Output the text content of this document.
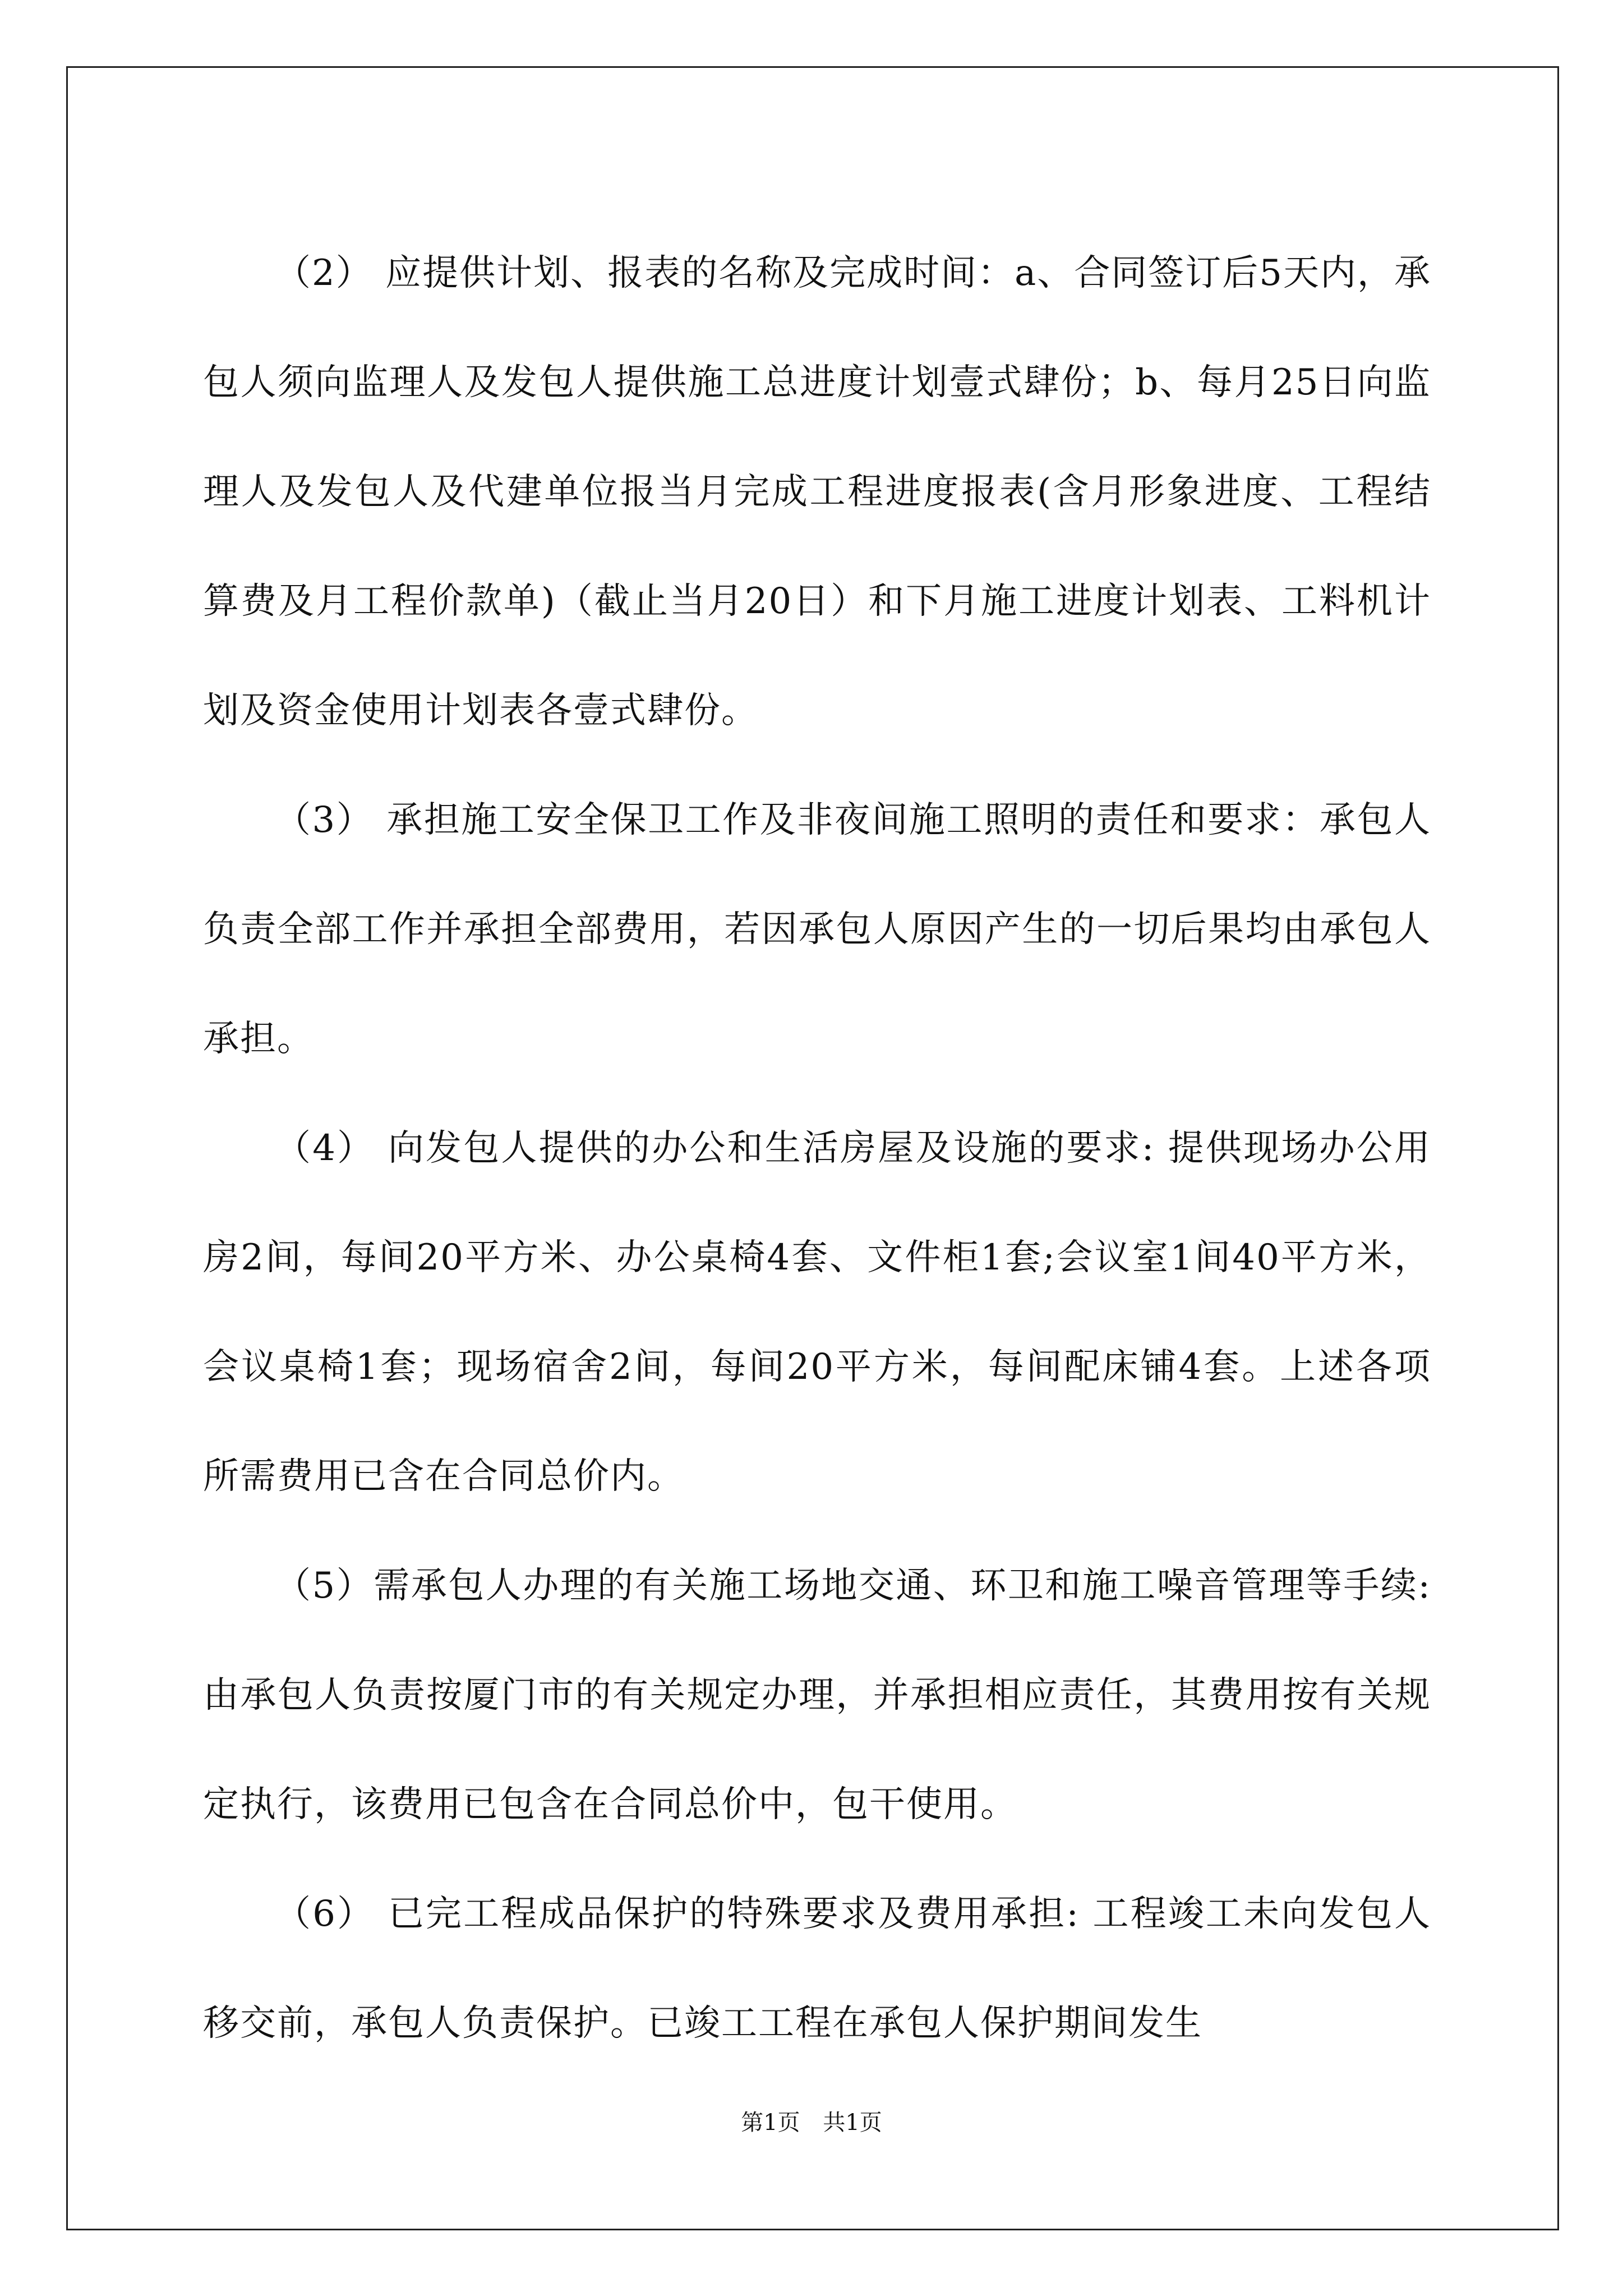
（2） 应提供计划、报表的名称及完成时间：a、合同签订后5天内，承包人须向监理人及发包人提供施工总进度计划壹式肆份；b、每月25日向监理人及发包人及代建单位报当月完成工程进度报表(含月形象进度、工程结算费及月工程价款单)（截止当月20日）和下月施工进度计划表、工料机计划及资金使用计划表各壹式肆份。

（3） 承担施工安全保卫工作及非夜间施工照明的责任和要求：承包人负责全部工作并承担全部费用，若因承包人原因产生的一切后果均由承包人承担。

（4） 向发包人提供的办公和生活房屋及设施的要求: 提供现场办公用房2间，每间20平方米、办公桌椅4套、文件柜1套;会议室1间40平方米，会议桌椅1套；现场宿舍2间，每间20平方米，每间配床铺4套。上述各项所需费用已含在合同总价内。

（5）需承包人办理的有关施工场地交通、环卫和施工噪音管理等手续: 由承包人负责按厦门市的有关规定办理，并承担相应责任，其费用按有关规定执行，该费用已包含在合同总价中，包干使用。

（6） 已完工程成品保护的特殊要求及费用承担: 工程竣工未向发包人移交前，承包人负责保护。已竣工工程在承包人保护期间发生

第1页 共1页
